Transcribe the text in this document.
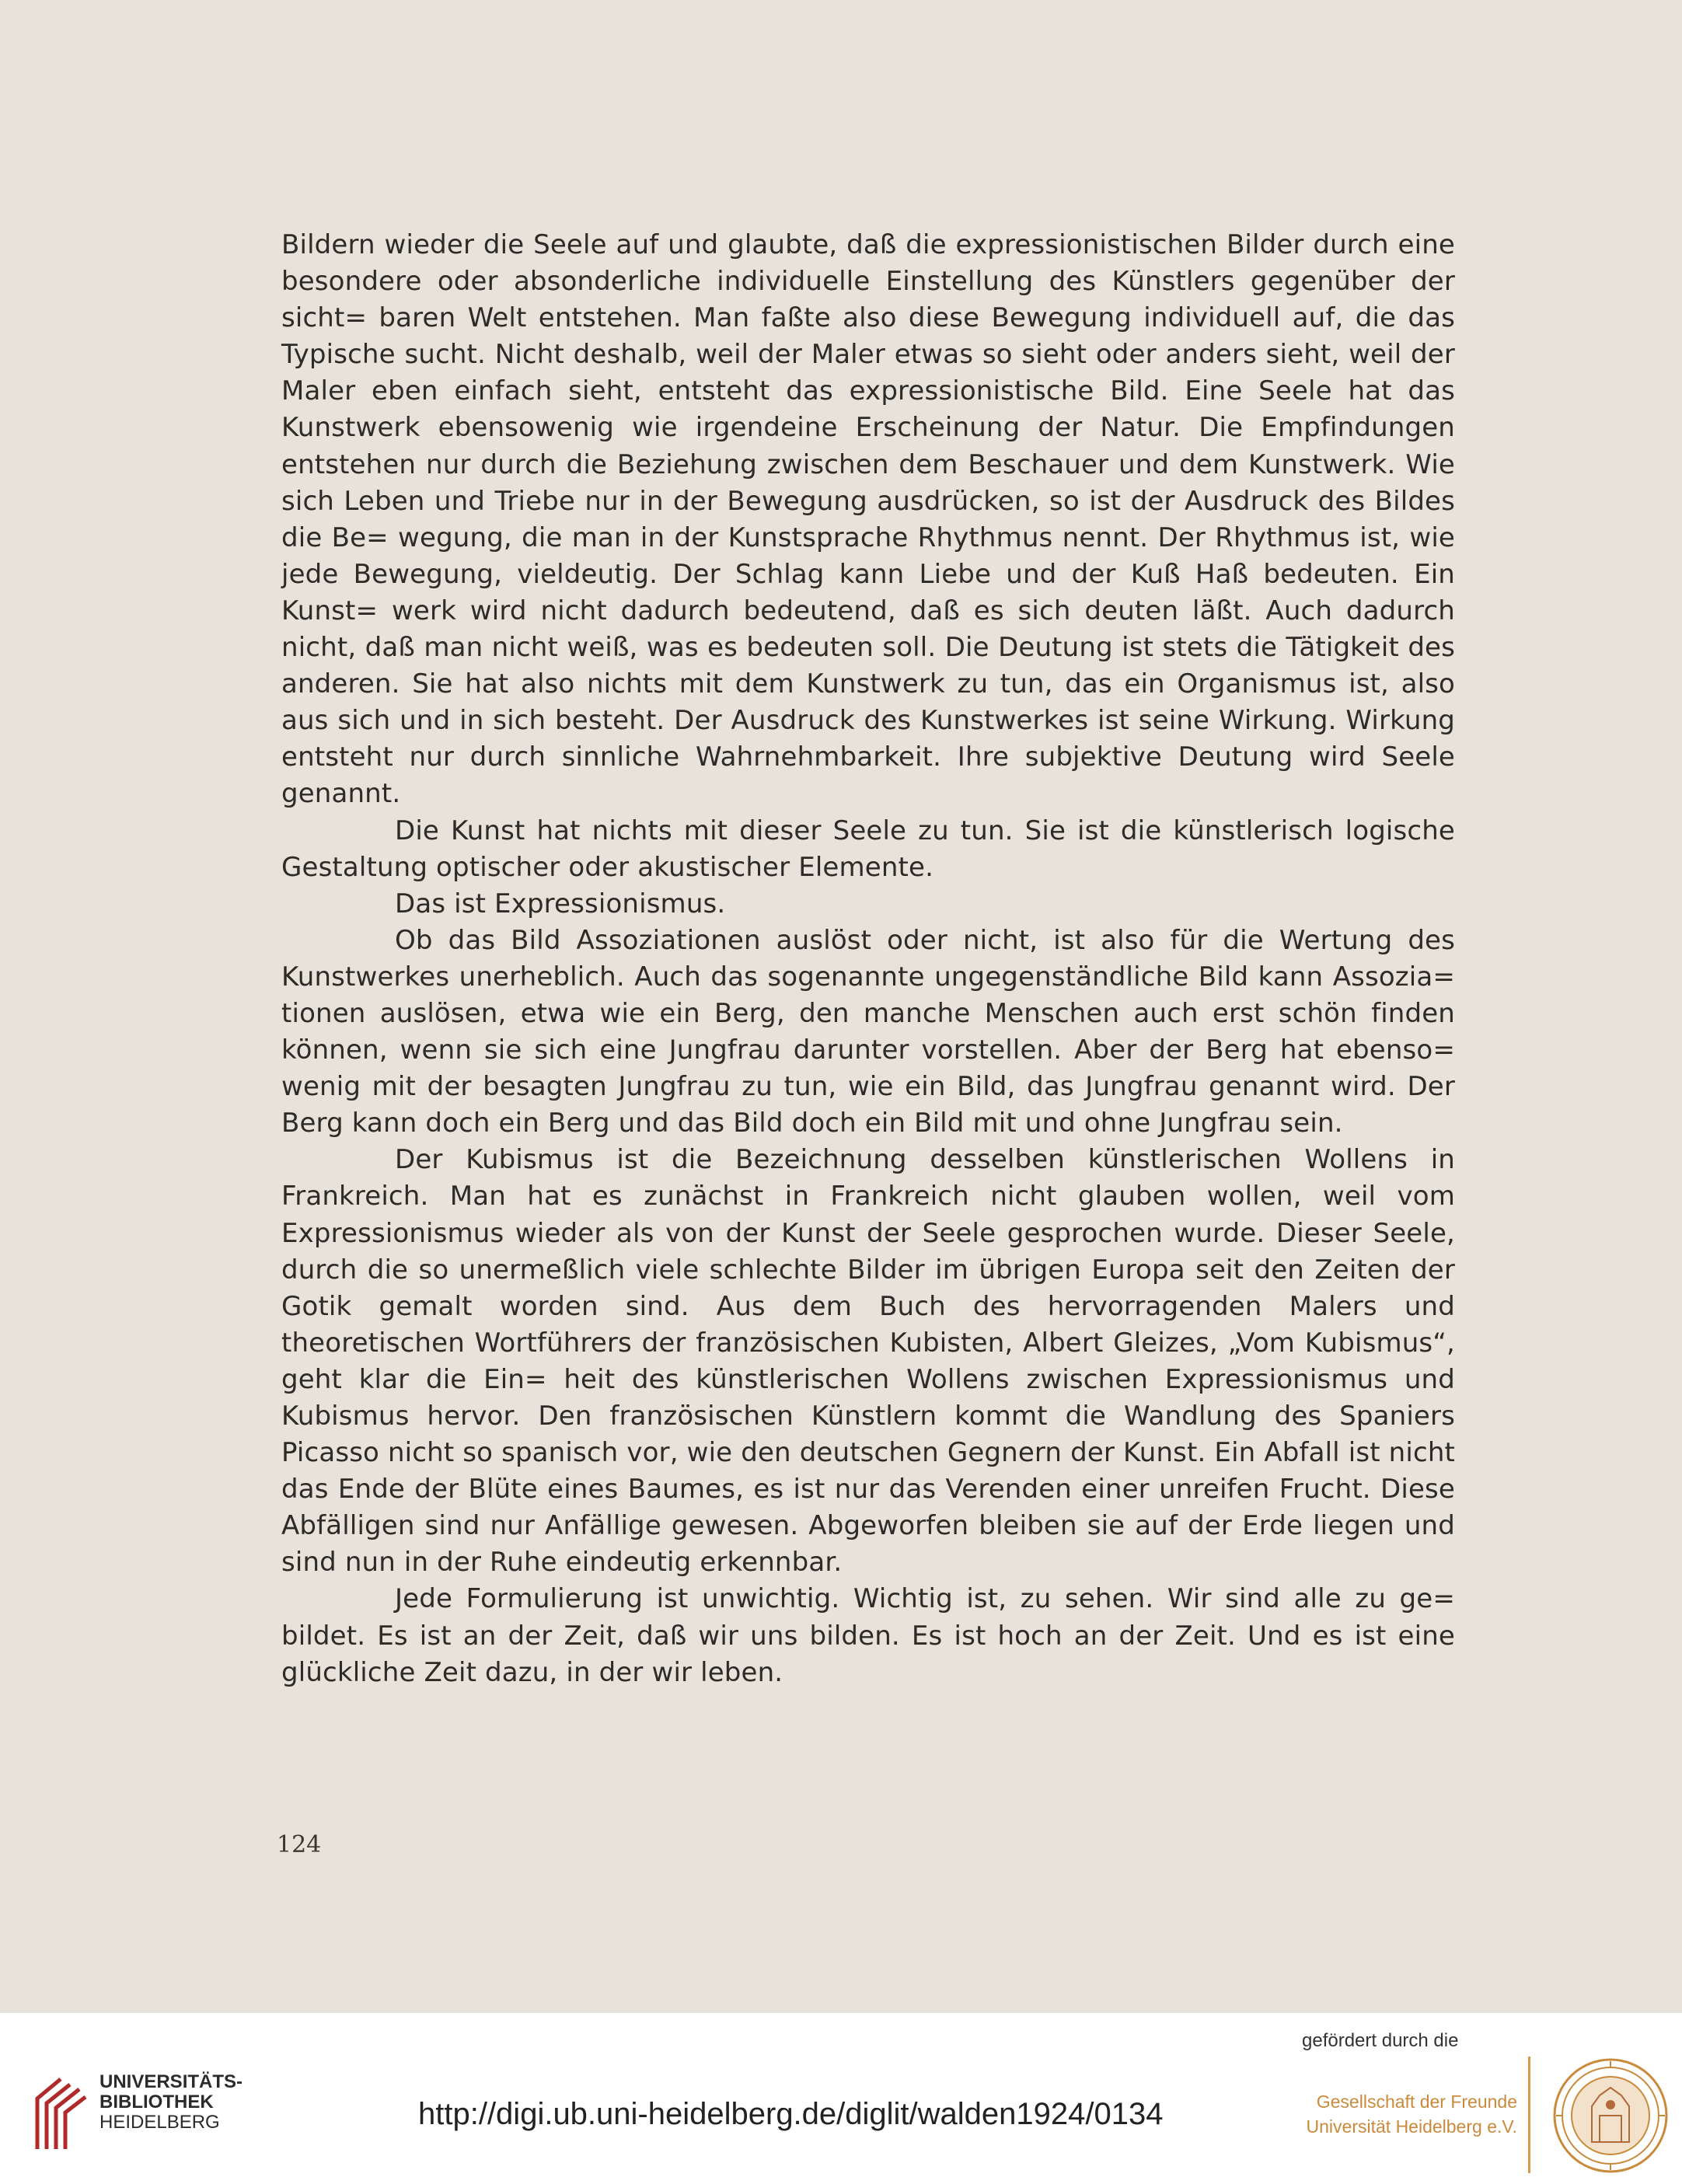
Bildern wieder die Seele auf und glaubte, daß die expressionistischen Bilder durch eine besondere oder absonderliche individuelle Einstellung des Künstlers gegenüber der sicht= baren Welt entstehen. Man faßte also diese Bewegung individuell auf, die das Typische sucht. Nicht deshalb, weil der Maler etwas so sieht oder anders sieht, weil der Maler eben einfach sieht, entsteht das expressionistische Bild. Eine Seele hat das Kunstwerk ebensowenig wie irgendeine Erscheinung der Natur. Die Empfindungen entstehen nur durch die Beziehung zwischen dem Beschauer und dem Kunstwerk. Wie sich Leben und Triebe nur in der Bewegung ausdrücken, so ist der Ausdruck des Bildes die Be= wegung, die man in der Kunstsprache Rhythmus nennt. Der Rhythmus ist, wie jede Bewegung, vieldeutig. Der Schlag kann Liebe und der Kuß Haß bedeuten. Ein Kunst= werk wird nicht dadurch bedeutend, daß es sich deuten läßt. Auch dadurch nicht, daß man nicht weiß, was es bedeuten soll. Die Deutung ist stets die Tätigkeit des anderen. Sie hat also nichts mit dem Kunstwerk zu tun, das ein Organismus ist, also aus sich und in sich besteht. Der Ausdruck des Kunstwerkes ist seine Wirkung. Wirkung entsteht nur durch sinnliche Wahrnehmbarkeit. Ihre subjektive Deutung wird Seele genannt.

Die Kunst hat nichts mit dieser Seele zu tun. Sie ist die künstlerisch logische Gestaltung optischer oder akustischer Elemente.

Das ist Expressionismus.

Ob das Bild Assoziationen auslöst oder nicht, ist also für die Wertung des Kunstwerkes unerheblich. Auch das sogenannte ungegenständliche Bild kann Assozia= tionen auslösen, etwa wie ein Berg, den manche Menschen auch erst schön finden können, wenn sie sich eine Jungfrau darunter vorstellen. Aber der Berg hat ebenso= wenig mit der besagten Jungfrau zu tun, wie ein Bild, das Jungfrau genannt wird. Der Berg kann doch ein Berg und das Bild doch ein Bild mit und ohne Jungfrau sein.

Der Kubismus ist die Bezeichnung desselben künstlerischen Wollens in Frankreich. Man hat es zunächst in Frankreich nicht glauben wollen, weil vom Expressionismus wieder als von der Kunst der Seele gesprochen wurde. Dieser Seele, durch die so unermeßlich viele schlechte Bilder im übrigen Europa seit den Zeiten der Gotik gemalt worden sind. Aus dem Buch des hervorragenden Malers und theoretischen Wortführers der französischen Kubisten, Albert Gleizes, „Vom Kubismus“, geht klar die Ein= heit des künstlerischen Wollens zwischen Expressionismus und Kubismus hervor. Den französischen Künstlern kommt die Wandlung des Spaniers Picasso nicht so spanisch vor, wie den deutschen Gegnern der Kunst. Ein Abfall ist nicht das Ende der Blüte eines Baumes, es ist nur das Verenden einer unreifen Frucht. Diese Abfälligen sind nur Anfällige gewesen. Abgeworfen bleiben sie auf der Erde liegen und sind nun in der Ruhe eindeutig erkennbar.

Jede Formulierung ist unwichtig. Wichtig ist, zu sehen. Wir sind alle zu ge= bildet. Es ist an der Zeit, daß wir uns bilden. Es ist hoch an der Zeit. Und es ist eine glückliche Zeit dazu, in der wir leben.

124
UNIVERSITÄTS-
BIBLIOTHEK
HEIDELBERG	http://digi.ub.uni-heidelberg.de/diglit/walden1924/0134
gefördert durch die
Gesellschaft der Freunde
Universität Heidelberg e.V.
